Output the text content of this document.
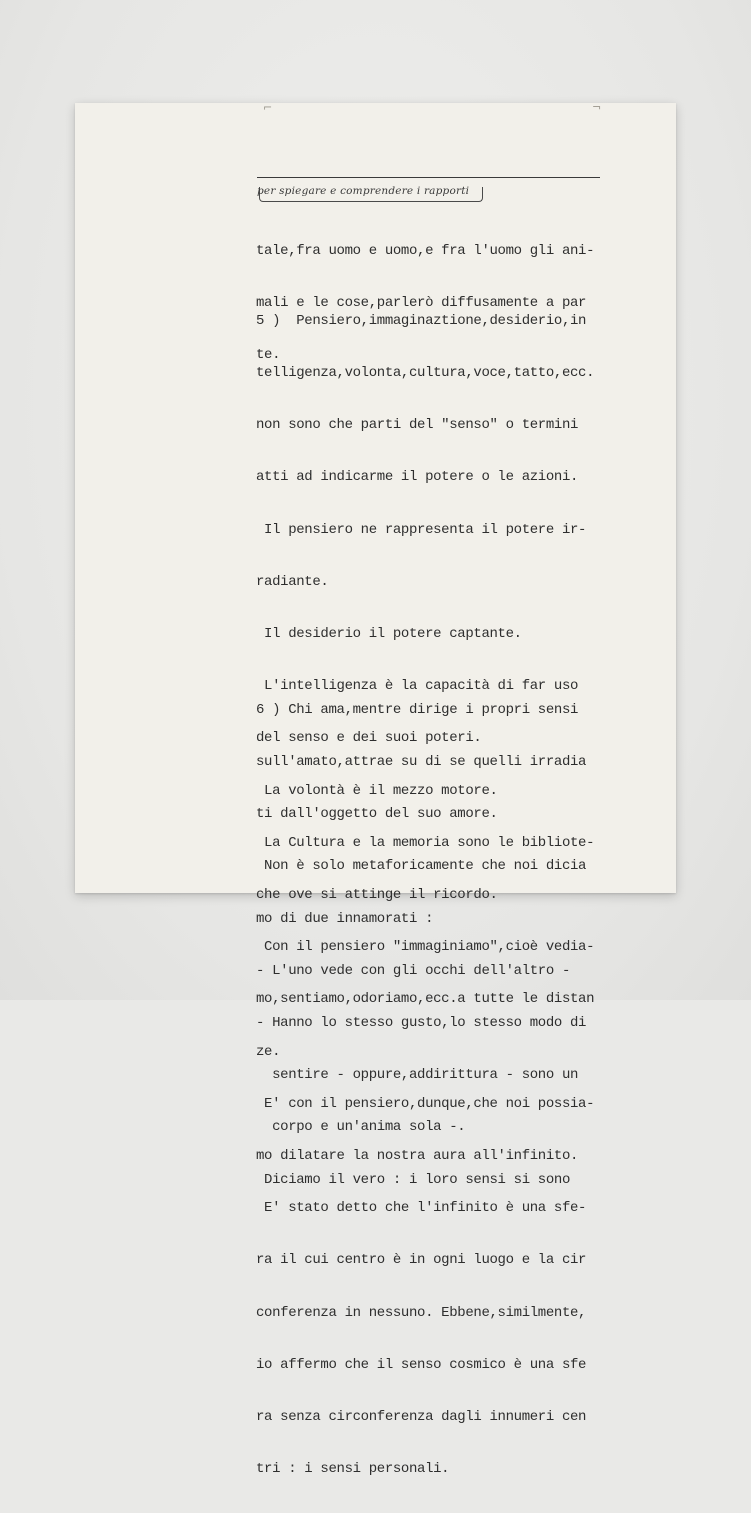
⌐	¬
per spiegare e comprendere i rapporti

tale,fra uomo e uomo,e fra l'uomo gli ani-

mali e le cose,parlerò diffusamente a par

te.

5 )  Pensiero,immaginaztione,desiderio,in

telligenza,volonta,cultura,voce,tatto,ecc.

non sono che parti del "senso" o termini

atti ad indicarme il potere o le azioni.

Il pensiero ne rappresenta il potere ir-

radiante.

Il desiderio il potere captante.

L'intelligenza è la capacità di far uso

del senso e dei suoi poteri.

La volontà è il mezzo motore.

La Cultura e la memoria sono le bibliote-

che ove si attinge il ricordo.

Con il pensiero "immaginiamo",cioè vedia-

mo,sentiamo,odoriamo,ecc.a tutte le distan

ze.

E' con il pensiero,dunque,che noi possia-

mo dilatare la nostra aura all'infinito.

E' stato detto che l'infinito è una sfe-

ra il cui centro è in ogni luogo e la cir

conferenza in nessuno. Ebbene,similmente,

io affermo che il senso cosmico è una sfe

ra senza circonferenza dagli innumeri cen

tri : i sensi personali.

6 ) Chi ama,mentre dirige i propri sensi

sull'amato,attrae su di se quelli irradia

ti dall'oggetto del suo amore.

Non è solo metaforicamente che noi dicia

mo di due innamorati :

- L'uno vede con gli occhi dell'altro -

- Hanno lo stesso gusto,lo stesso modo di

sentire - oppure,addirittura - sono un

corpo e un'anima sola -.

Diciamo il vero : i loro sensi si sono
